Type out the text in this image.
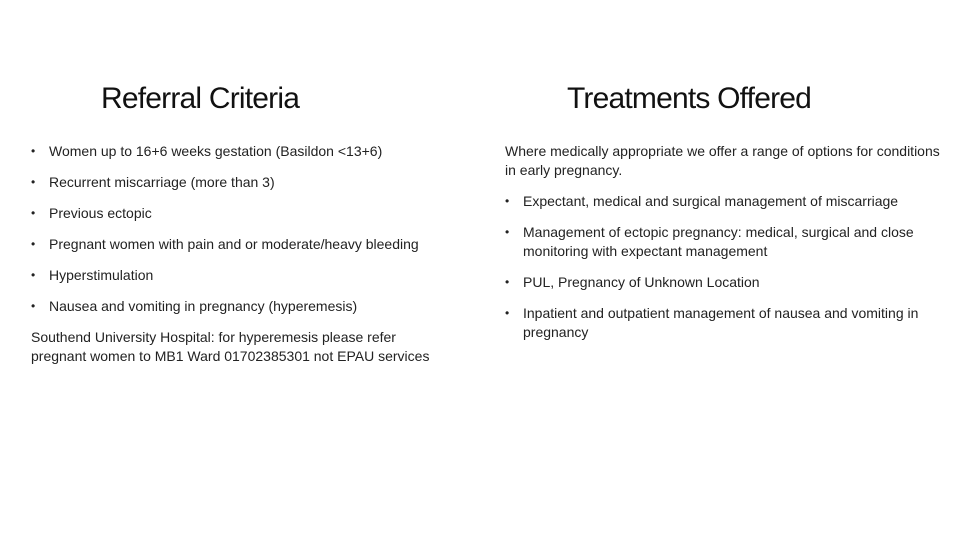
Referral Criteria	Treatments Offered
• Women up to 16+6 weeks gestation (Basildon <13+6)
• Recurrent miscarriage (more than 3)
• Previous ectopic
• Pregnant women with pain and or moderate/heavy bleeding
• Hyperstimulation
• Nausea and vomiting in pregnancy (hyperemesis)

Southend University Hospital: for hyperemesis please refer pregnant women to MB1 Ward 01702385301 not EPAU services

Where medically appropriate we offer a range of options for conditions in early pregnancy.

• Expectant, medical and surgical management of miscarriage
• Management of ectopic pregnancy: medical, surgical and close monitoring with expectant management
• PUL, Pregnancy of Unknown Location
• Inpatient and outpatient management of nausea and vomiting in pregnancy
